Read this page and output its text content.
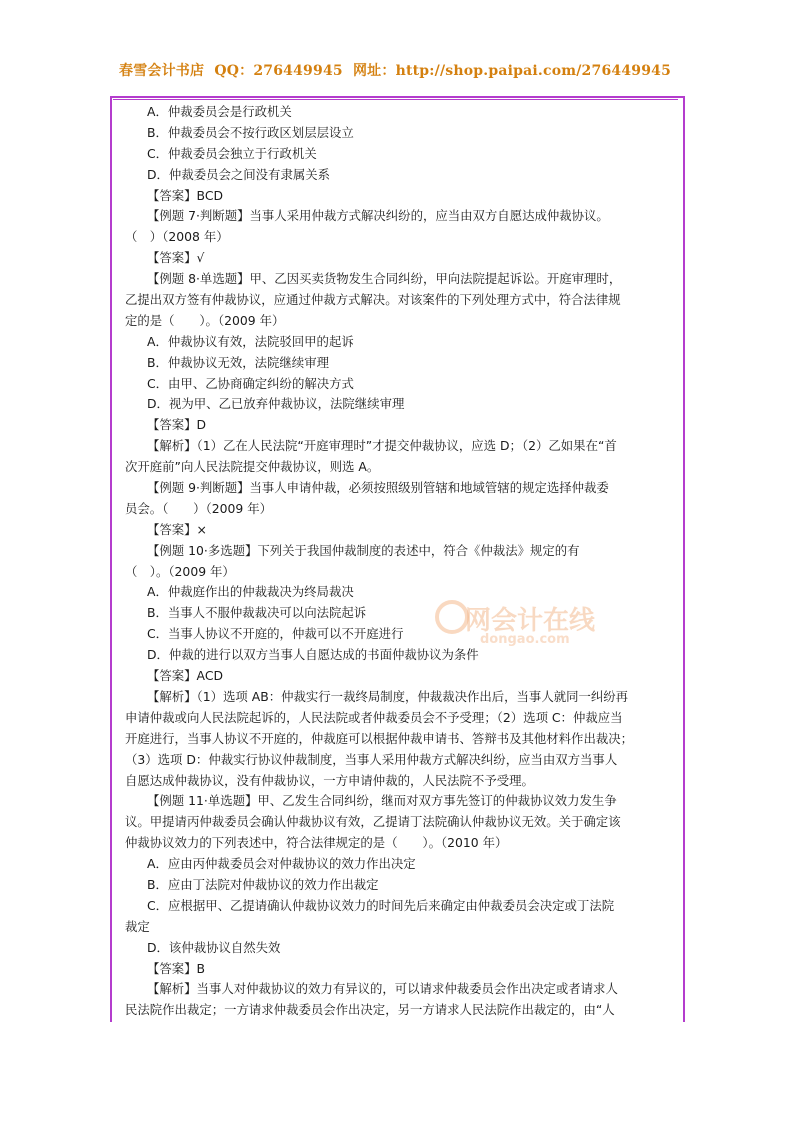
春雪会计书店 QQ：276449945 网址：http://shop.paipai.com/276449945
网会计在线
dongao.com
A．仲裁委员会是行政机关
B．仲裁委员会不按行政区划层层设立
C．仲裁委员会独立于行政机关
D．仲裁委员会之间没有隶属关系
【答案】BCD
【例题 7·判断题】当事人采用仲裁方式解决纠纷的，应当由双方自愿达成仲裁协议。
（　）（2008 年）
【答案】√
【例题 8·单选题】甲、乙因买卖货物发生合同纠纷，甲向法院提起诉讼。开庭审理时，
乙提出双方签有仲裁协议，应通过仲裁方式解决。对该案件的下列处理方式中，符合法律规
定的是（　　）。（2009 年）
A．仲裁协议有效，法院驳回甲的起诉
B．仲裁协议无效，法院继续审理
C．由甲、乙协商确定纠纷的解决方式
D．视为甲、乙已放弃仲裁协议，法院继续审理
【答案】D
【解析】（1）乙在人民法院“开庭审理时”才提交仲裁协议，应选 D；（2）乙如果在“首
次开庭前”向人民法院提交仲裁协议，则选 A。
【例题 9·判断题】当事人申请仲裁，必须按照级别管辖和地域管辖的规定选择仲裁委
员会。（　　）（2009 年）
【答案】×
【例题 10·多选题】下列关于我国仲裁制度的表述中，符合《仲裁法》规定的有
（　）。（2009 年）
A．仲裁庭作出的仲裁裁决为终局裁决
B．当事人不服仲裁裁决可以向法院起诉
C．当事人协议不开庭的，仲裁可以不开庭进行
D．仲裁的进行以双方当事人自愿达成的书面仲裁协议为条件
【答案】ACD
【解析】（1）选项 AB：仲裁实行一裁终局制度，仲裁裁决作出后，当事人就同一纠纷再
申请仲裁或向人民法院起诉的，人民法院或者仲裁委员会不予受理；（2）选项 C：仲裁应当
开庭进行，当事人协议不开庭的，仲裁庭可以根据仲裁申请书、答辩书及其他材料作出裁决；
（3）选项 D：仲裁实行协议仲裁制度，当事人采用仲裁方式解决纠纷，应当由双方当事人
自愿达成仲裁协议，没有仲裁协议，一方申请仲裁的，人民法院不予受理。
【例题 11·单选题】甲、乙发生合同纠纷，继而对双方事先签订的仲裁协议效力发生争
议。甲提请丙仲裁委员会确认仲裁协议有效，乙提请丁法院确认仲裁协议无效。关于确定该
仲裁协议效力的下列表述中，符合法律规定的是（　　）。（2010 年）
A．应由丙仲裁委员会对仲裁协议的效力作出决定
B．应由丁法院对仲裁协议的效力作出裁定
C．应根据甲、乙提请确认仲裁协议效力的时间先后来确定由仲裁委员会决定或丁法院
裁定
D．该仲裁协议自然失效
【答案】B
【解析】当事人对仲裁协议的效力有异议的，可以请求仲裁委员会作出决定或者请求人
民法院作出裁定；一方请求仲裁委员会作出决定，另一方请求人民法院作出裁定的，由“人
